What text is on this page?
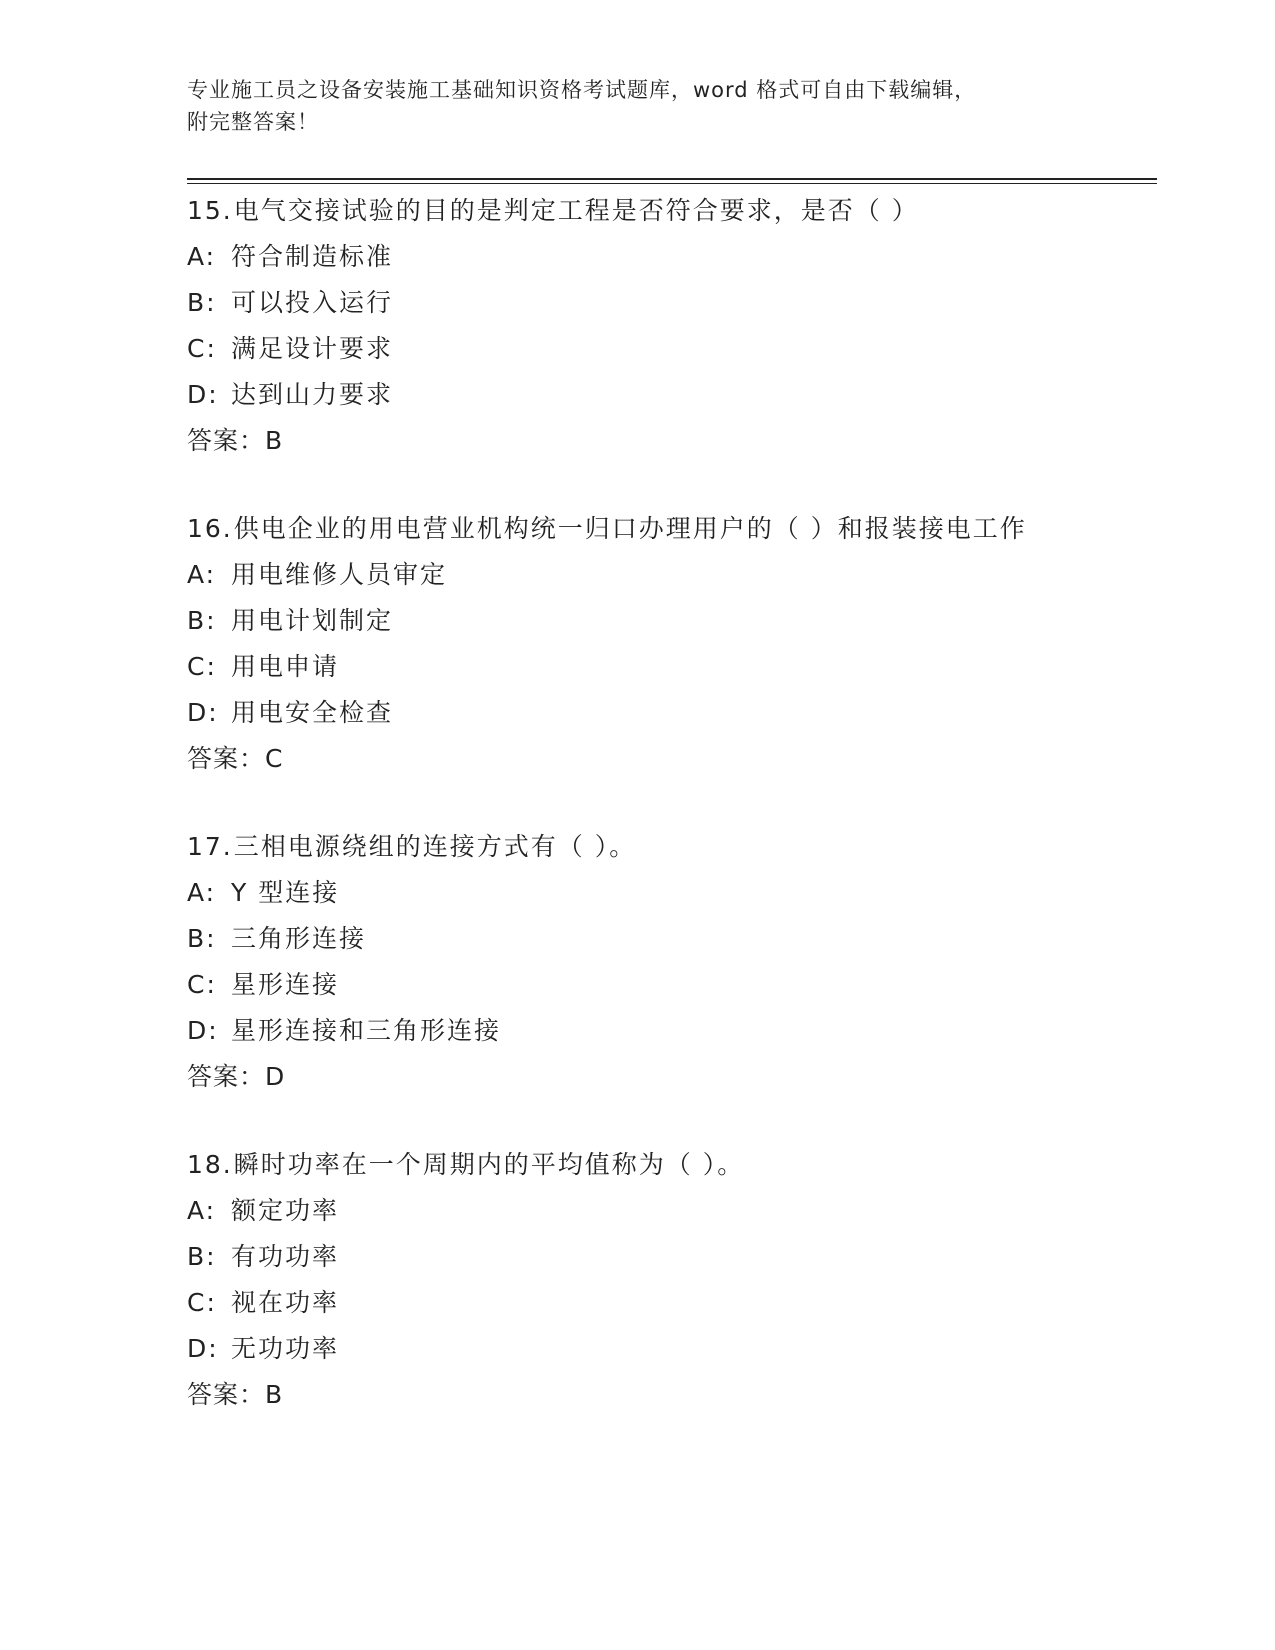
专业施工员之设备安装施工基础知识资格考试题库，word 格式可自由下载编辑，
附完整答案！
15.电气交接试验的目的是判定工程是否符合要求，是否（ ）
A: 符合制造标准
B: 可以投入运行
C: 满足设计要求
D: 达到山力要求
答案：B
16.供电企业的用电营业机构统一归口办理用户的（ ）和报装接电工作
A: 用电维修人员审定
B: 用电计划制定
C: 用电申请
D: 用电安全检查
答案：C
17.三相电源绕组的连接方式有（ ）。
A: Y 型连接
B: 三角形连接
C: 星形连接
D: 星形连接和三角形连接
答案：D
18.瞬时功率在一个周期内的平均值称为（ ）。
A: 额定功率
B: 有功功率
C: 视在功率
D: 无功功率
答案：B
